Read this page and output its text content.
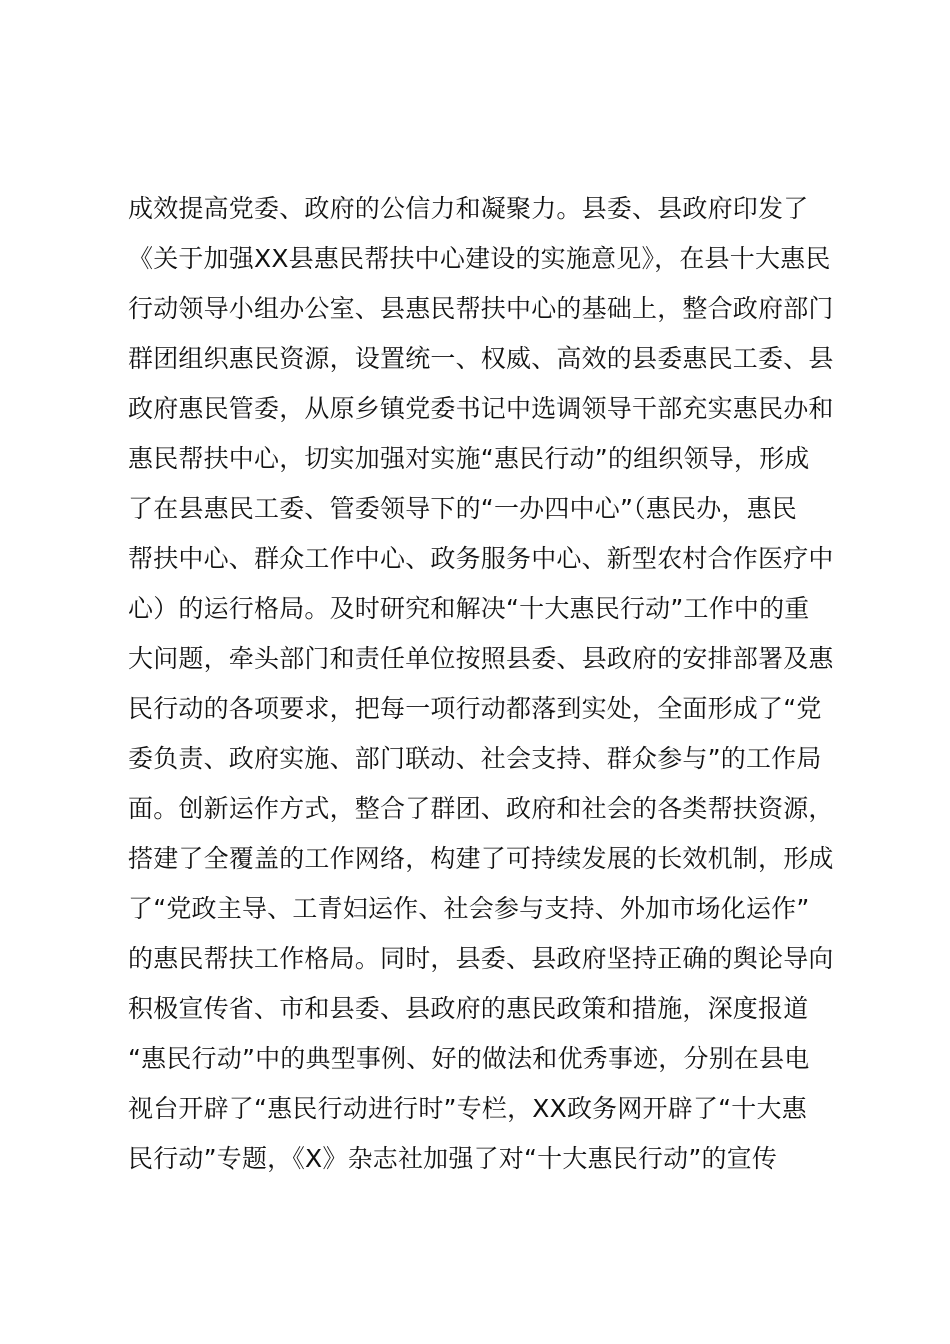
成效提高党委、政府的公信力和凝聚力。县委、县政府印发了
《关于加强XX县惠民帮扶中心建设的实施意见》，在县十大惠民
行动领导小组办公室、县惠民帮扶中心的基础上，整合政府部门
群团组织惠民资源，设置统一、权威、高效的县委惠民工委、县
政府惠民管委，从原乡镇党委书记中选调领导干部充实惠民办和
惠民帮扶中心，切实加强对实施“惠民行动”的组织领导，形成
了在县惠民工委、管委领导下的“一办四中心”（惠民办，惠民
帮扶中心、群众工作中心、政务服务中心、新型农村合作医疗中
心）的运行格局。及时研究和解决“十大惠民行动”工作中的重
大问题，牵头部门和责任单位按照县委、县政府的安排部署及惠
民行动的各项要求，把每一项行动都落到实处，全面形成了“党
委负责、政府实施、部门联动、社会支持、群众参与”的工作局
面。创新运作方式，整合了群团、政府和社会的各类帮扶资源，
搭建了全覆盖的工作网络，构建了可持续发展的长效机制，形成
了“党政主导、工青妇运作、社会参与支持、外加市场化运作”
的惠民帮扶工作格局。同时，县委、县政府坚持正确的舆论导向
积极宣传省、市和县委、县政府的惠民政策和措施，深度报道
“惠民行动”中的典型事例、好的做法和优秀事迹，分别在县电
视台开辟了“惠民行动进行时”专栏，XX政务网开辟了“十大惠
民行动”专题，《X》杂志社加强了对“十大惠民行动”的宣传
